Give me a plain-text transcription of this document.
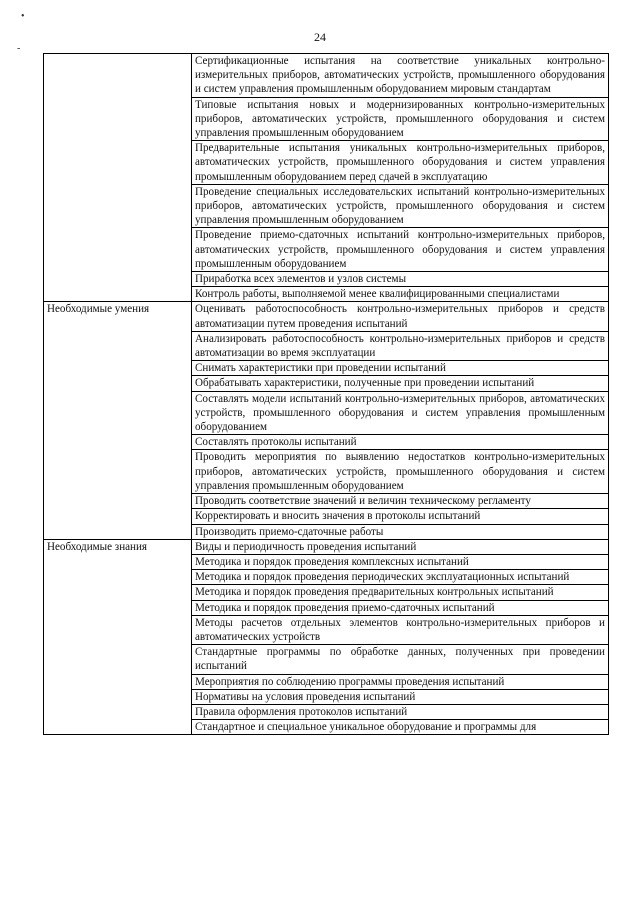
•
-
24
	Сертификационные испытания на соответствие уникальных контрольно-измерительных приборов, автоматических устройств, промышленного оборудования и систем управления промышленным оборудованием мировым стандартам
	Типовые испытания новых и модернизированных контрольно-измерительных приборов, автоматических устройств, промышленного оборудования и систем управления промышленным оборудованием
	Предварительные испытания уникальных контрольно-измерительных приборов, автоматических устройств, промышленного оборудования и систем управления промышленным оборудованием перед сдачей в эксплуатацию
	Проведение специальных исследовательских испытаний контрольно-измерительных приборов, автоматических устройств, промышленного оборудования и систем управления промышленным оборудованием
	Проведение приемо-сдаточных испытаний контрольно-измерительных приборов, автоматических устройств, промышленного оборудования и систем управления промышленным оборудованием
	Приработка всех элементов и узлов системы
	Контроль работы, выполняемой менее квалифицированными специалистами
Необходимые умения	Оценивать работоспособность контрольно-измерительных приборов и средств автоматизации путем проведения испытаний
	Анализировать работоспособность контрольно-измерительных приборов и средств автоматизации во время эксплуатации
	Снимать характеристики при проведении испытаний
	Обрабатывать характеристики, полученные при проведении испытаний
	Составлять модели испытаний контрольно-измерительных приборов, автоматических устройств, промышленного оборудования и систем управления промышленным оборудованием
	Составлять протоколы испытаний
	Проводить мероприятия по выявлению недостатков контрольно-измерительных приборов, автоматических устройств, промышленного оборудования и систем управления промышленным оборудованием
	Проводить соответствие значений и величин техническому регламенту
	Корректировать и вносить значения в протоколы испытаний
	Производить приемо-сдаточные работы
Необходимые знания	Виды и периодичность проведения испытаний
	Методика и порядок проведения комплексных испытаний
	Методика и порядок проведения периодических эксплуатационных испытаний
	Методика и порядок проведения предварительных контрольных испытаний
	Методика и порядок проведения приемо-сдаточных испытаний
	Методы расчетов отдельных элементов контрольно-измерительных приборов и автоматических устройств
	Стандартные программы по обработке данных, полученных при проведении испытаний
	Мероприятия по соблюдению программы проведения испытаний
	Нормативы на условия проведения испытаний
	Правила оформления протоколов испытаний
	Стандартное и специальное уникальное оборудование и программы для
